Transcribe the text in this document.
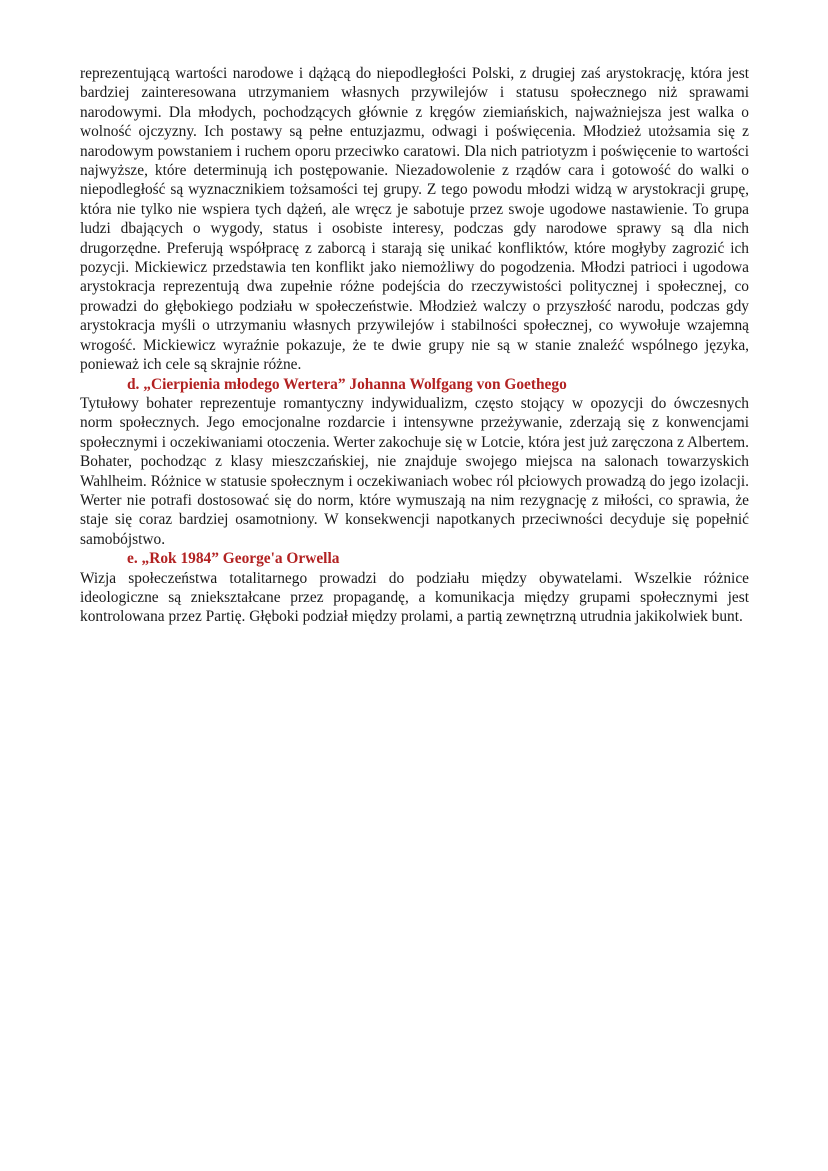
reprezentującą wartości narodowe i dążącą do niepodległości Polski, z drugiej zaś arystokrację, która jest bardziej zainteresowana utrzymaniem własnych przywilejów i statusu społecznego niż sprawami narodowymi. Dla młodych, pochodzących głównie z kręgów ziemiańskich, najważniejsza jest walka o wolność ojczyzny. Ich postawy są pełne entuzjazmu, odwagi i poświęcenia. Młodzież utożsamia się z narodowym powstaniem i ruchem oporu przeciwko caratowi. Dla nich patriotyzm i poświęcenie to wartości najwyższe, które determinują ich postępowanie. Niezadowolenie z rządów cara i gotowość do walki o niepodległość są wyznacznikiem tożsamości tej grupy. Z tego powodu młodzi widzą w arystokracji grupę, która nie tylko nie wspiera tych dążeń, ale wręcz je sabotuje przez swoje ugodowe nastawienie. To grupa ludzi dbających o wygody, status i osobiste interesy, podczas gdy narodowe sprawy są dla nich drugorzędne. Preferują współpracę z zaborcą i starają się unikać konfliktów, które mogłyby zagrozić ich pozycji. Mickiewicz przedstawia ten konflikt jako niemożliwy do pogodzenia. Młodzi patrioci i ugodowa arystokracja reprezentują dwa zupełnie różne podejścia do rzeczywistości politycznej i społecznej, co prowadzi do głębokiego podziału w społeczeństwie. Młodzież walczy o przyszłość narodu, podczas gdy arystokracja myśli o utrzymaniu własnych przywilejów i stabilności społecznej, co wywołuje wzajemną wrogość. Mickiewicz wyraźnie pokazuje, że te dwie grupy nie są w stanie znaleźć wspólnego języka, ponieważ ich cele są skrajnie różne.

d. „Cierpienia młodego Wertera” Johanna Wolfgang von Goethego

Tytułowy bohater reprezentuje romantyczny indywidualizm, często stojący w opozycji do ówczesnych norm społecznych. Jego emocjonalne rozdarcie i intensywne przeżywanie, zderzają się z konwencjami społecznymi i oczekiwaniami otoczenia. Werter zakochuje się w Lotcie, która jest już zaręczona z Albertem. Bohater, pochodząc z klasy mieszczańskiej, nie znajduje swojego miejsca na salonach towarzyskich Wahlheim. Różnice w statusie społecznym i oczekiwaniach wobec ról płciowych prowadzą do jego izolacji. Werter nie potrafi dostosować się do norm, które wymuszają na nim rezygnację z miłości, co sprawia, że staje się coraz bardziej osamotniony. W konsekwencji napotkanych przeciwności decyduje się popełnić samobójstwo.

e. „Rok 1984” George'a Orwella

Wizja społeczeństwa totalitarnego prowadzi do podziału między obywatelami. Wszelkie różnice ideologiczne są zniekształcane przez propagandę, a komunikacja między grupami społecznymi jest kontrolowana przez Partię. Głęboki podział między prolami, a partią zewnętrzną utrudnia jakikolwiek bunt.
